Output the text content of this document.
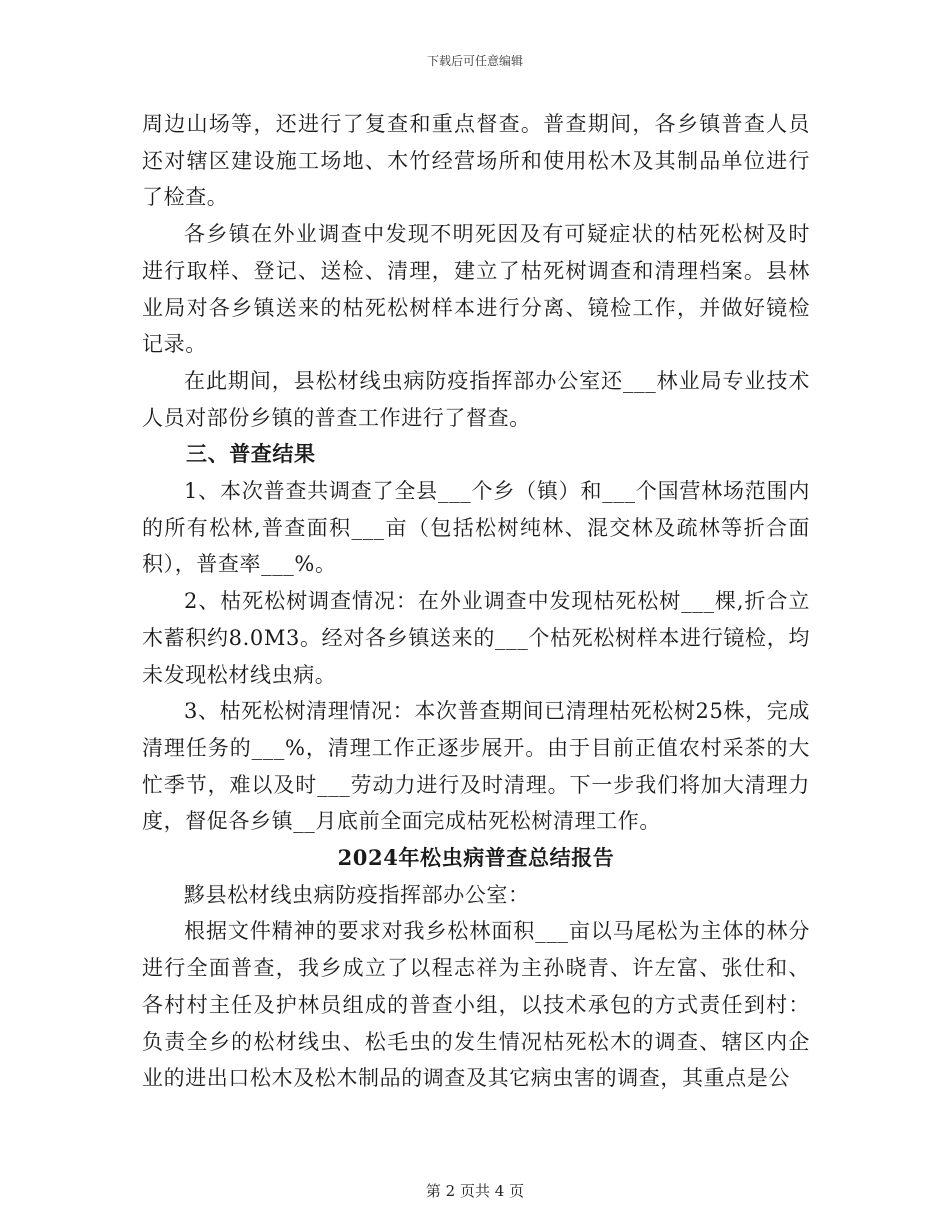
下载后可任意编辑

周边山场等，还进行了复查和重点督查。普查期间，各乡镇普查人员还对辖区建设施工场地、木竹经营场所和使用松木及其制品单位进行了检查。

各乡镇在外业调查中发现不明死因及有可疑症状的枯死松树及时进行取样、登记、送检、清理，建立了枯死树调查和清理档案。县林业局对各乡镇送来的枯死松树样本进行分离、镜检工作，并做好镜检记录。

在此期间，县松材线虫病防疫指挥部办公室还___林业局专业技术人员对部份乡镇的普查工作进行了督查。

三、普查结果

1、本次普查共调查了全县___个乡（镇）和___个国营林场范围内的所有松林,普查面积___亩（包括松树纯林、混交林及疏林等折合面积），普查率___%。

2、枯死松树调查情况：在外业调查中发现枯死松树___棵,折合立木蓄积约8.0M3。经对各乡镇送来的___个枯死松树样本进行镜检，均未发现松材线虫病。

3、枯死松树清理情况：本次普查期间已清理枯死松树25株，完成清理任务的___%，清理工作正逐步展开。由于目前正值农村采茶的大忙季节，难以及时___劳动力进行及时清理。下一步我们将加大清理力度，督促各乡镇__月底前全面完成枯死松树清理工作。

2024年松虫病普查总结报告

黟县松材线虫病防疫指挥部办公室：

根据文件精神的要求对我乡松林面积___亩以马尾松为主体的林分进行全面普查，我乡成立了以程志祥为主孙晓青、许左富、张仕和、各村村主任及护林员组成的普查小组，以技术承包的方式责任到村：负责全乡的松材线虫、松毛虫的发生情况枯死松木的调查、辖区内企业的进出口松木及松木制品的调查及其它病虫害的调查，其重点是公

第 2 页共 4 页
